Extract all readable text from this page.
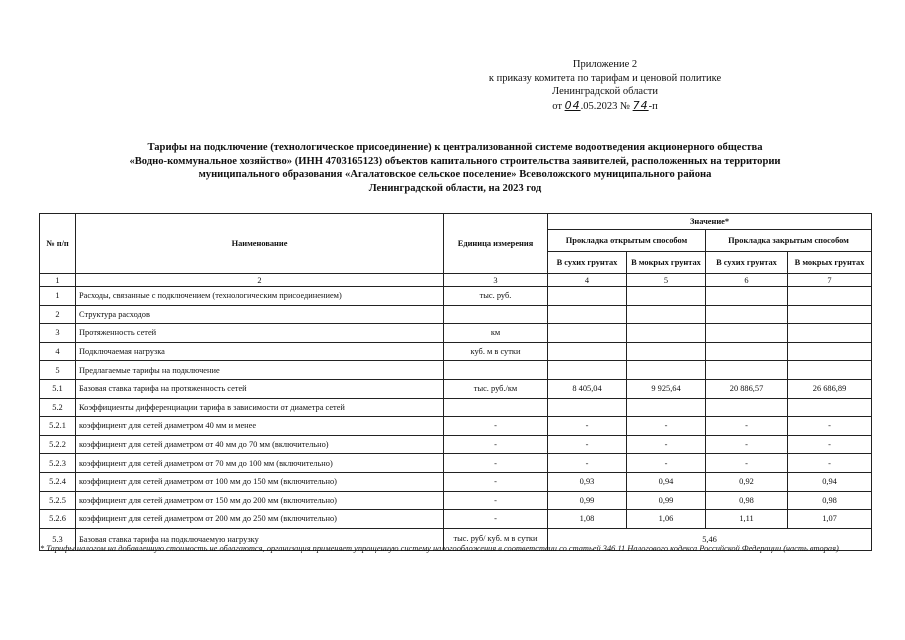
Приложение 2
к приказу комитета по тарифам и ценовой политике
Ленинградской области
от 04.05.2023 № 74-п
Тарифы на подключение (технологическое присоединение) к централизованной системе водоотведения акционерного общества
«Водно-коммунальное хозяйство» (ИНН 4703165123) объектов капитального строительства заявителей, расположенных на территории
муниципального образования «Агалатовское сельское поселение» Всеволожского муниципального района
Ленинградской области, на 2023 год
№ п/п	Наименование	Единица измерения	Значение*			
			Прокладка открытым способом		Прокладка закрытым способом	
			В сухих грунтах	В мокрых грунтах	В сухих грунтах	В мокрых грунтах
1	2	3	4	5	6	7
1	Расходы, связанные с подключением (технологическим присоединением)	тыс. руб.				
2	Структура расходов					
3	Протяженность сетей	км				
4	Подключаемая нагрузка	куб. м в сутки				
5	Предлагаемые тарифы на подключение					
5.1	Базовая ставка тарифа на протяженность сетей	тыс. руб./км	8 405,04	9 925,64	20 886,57	26 686,89
5.2	Коэффициенты дифференциации тарифа в зависимости от диаметра сетей					
5.2.1	коэффициент для сетей диаметром 40 мм и менее	-	-	-	-	-
5.2.2	коэффициент для сетей диаметром от 40 мм до 70 мм (включительно)	-	-	-	-	-
5.2.3	коэффициент для сетей диаметром от 70 мм до 100 мм (включительно)	-	-	-	-	-
5.2.4	коэффициент для сетей диаметром от 100 мм до 150 мм (включительно)	-	0,93	0,94	0,92	0,94
5.2.5	коэффициент для сетей диаметром от 150 мм до 200 мм (включительно)	-	0,99	0,99	0,98	0,98
5.2.6	коэффициент для сетей диаметром от 200 мм до 250 мм (включительно)	-	1,08	1,06	1,11	1,07
5.3	Базовая ставка тарифа на подключаемую нагрузку	тыс. руб/ куб. м в сутки	5,46			
* Тарифы налогом на добавленную стоимость не облагаются, организация применяет упрощенную систему налогообложения в соответствии со статьей 346.11 Налогового кодекса Российской Федерации (часть вторая).
